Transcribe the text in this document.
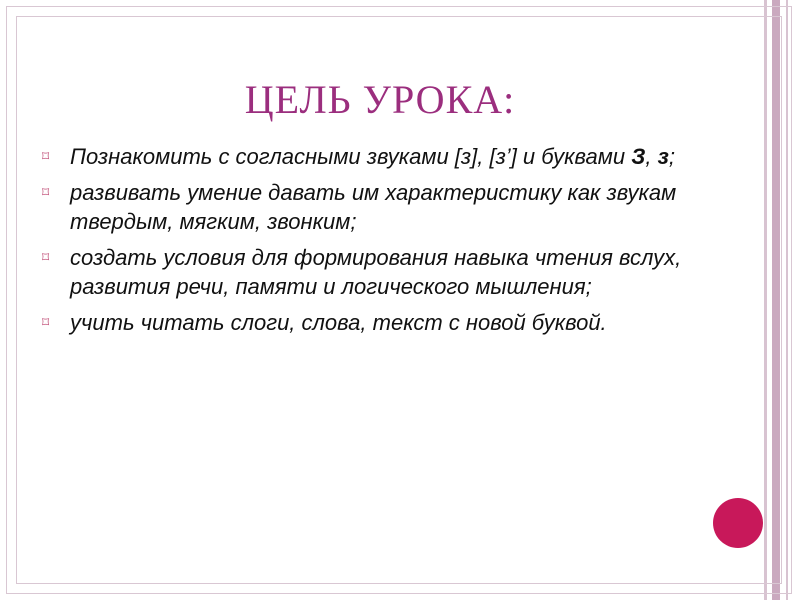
ЦЕЛЬ УРОКА:
⌑ Познакомить с согласными звуками [з], [з’] и буквами З, з;
⌑ развивать умение давать им характеристику как звукам твердым, мягким, звонким;
⌑ создать условия для формирования навыка чтения вслух, развития речи, памяти и логического мышления;
⌑ учить читать слоги, слова, текст с новой буквой.
